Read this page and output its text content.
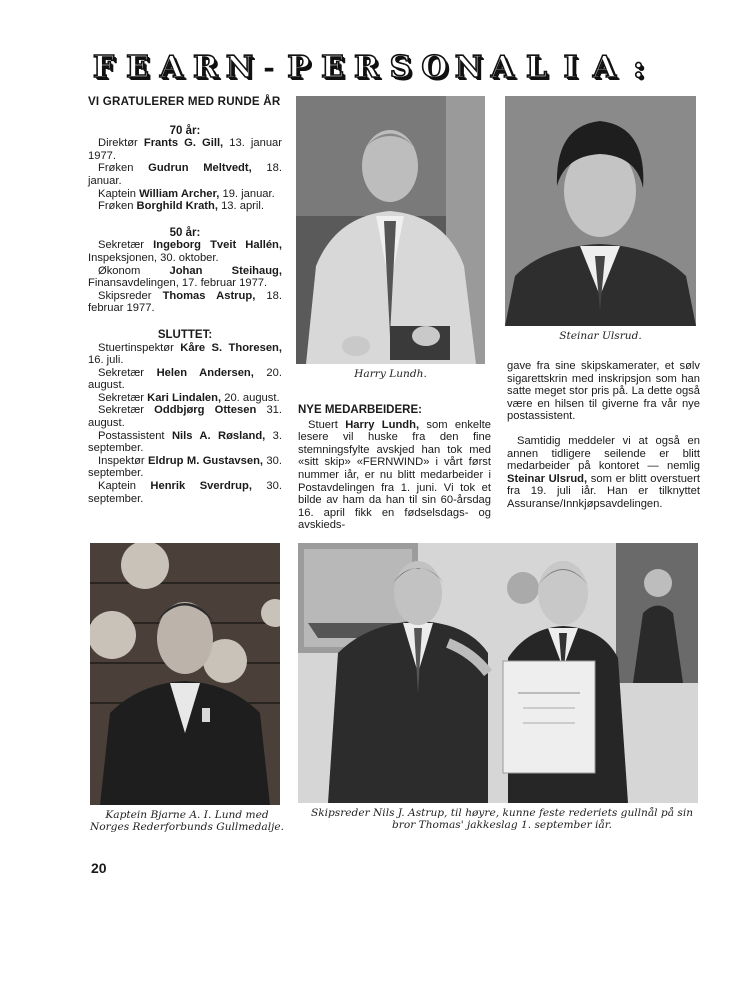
F E A R N - P E R S O N A L I A :
VI GRATULERER MED RUNDE ÅR
70 år:

Direktør Frants G. Gill, 13. januar 1977.

Frøken Gudrun Meltvedt, 18. januar.

Kaptein William Archer, 19. januar.

Frøken Borghild Krath, 13. april.

50 år:

Sekretær Ingeborg Tveit Hallén, Inspeksjonen, 30. oktober.

Økonom Johan Steihaug, Finansavdelingen, 17. februar 1977.

Skipsreder Thomas Astrup, 18. februar 1977.

SLUTTET:

Stuertinspektør Kåre S. Thoresen, 16. juli.

Sekretær Helen Andersen, 20. august.

Sekretær Kari Lindalen, 20. august.

Sekretær Oddbjørg Ottesen 31. august.

Postassistent Nils A. Røsland, 3. september.

Inspektør Eldrup M. Gustavsen, 30. september.

Kaptein Henrik Sverdrup, 30. september.

Harry Lundh.
Steinar Ulsrud.
NYE MEDARBEIDERE:

Stuert Harry Lundh, som enkelte lesere vil huske fra den fine stemningsfylte avskjed han tok med «sitt skip» «FERNWIND» i vårt først nummer iår, er nu blitt medarbeider i Postavdelingen fra 1. juni. Vi tok et bilde av ham da han til sin 60-årsdag 16. april fikk en fødselsdags- og avskieds-

gave fra sine skipskamerater, et sølv sigarettskrin med inskripsjon som han satte meget stor pris på. La dette også være en hilsen til giverne fra vår nye postassistent.

Samtidig meddeler vi at også en annen tidligere seilende er blitt medarbeider på kontoret — nemlig Steinar Ulsrud, som er blitt overstuert fra 19. juli iår. Han er tilknyttet Assuranse/Innkjøpsavdelingen.

Kaptein Bjarne A. I. Lund med Norges Rederforbunds Gullmedalje.
Skipsreder Nils J. Astrup, til høyre, kunne feste rederiets gullnål på sin bror Thomas' jakkeslag 1. september iår.
20
